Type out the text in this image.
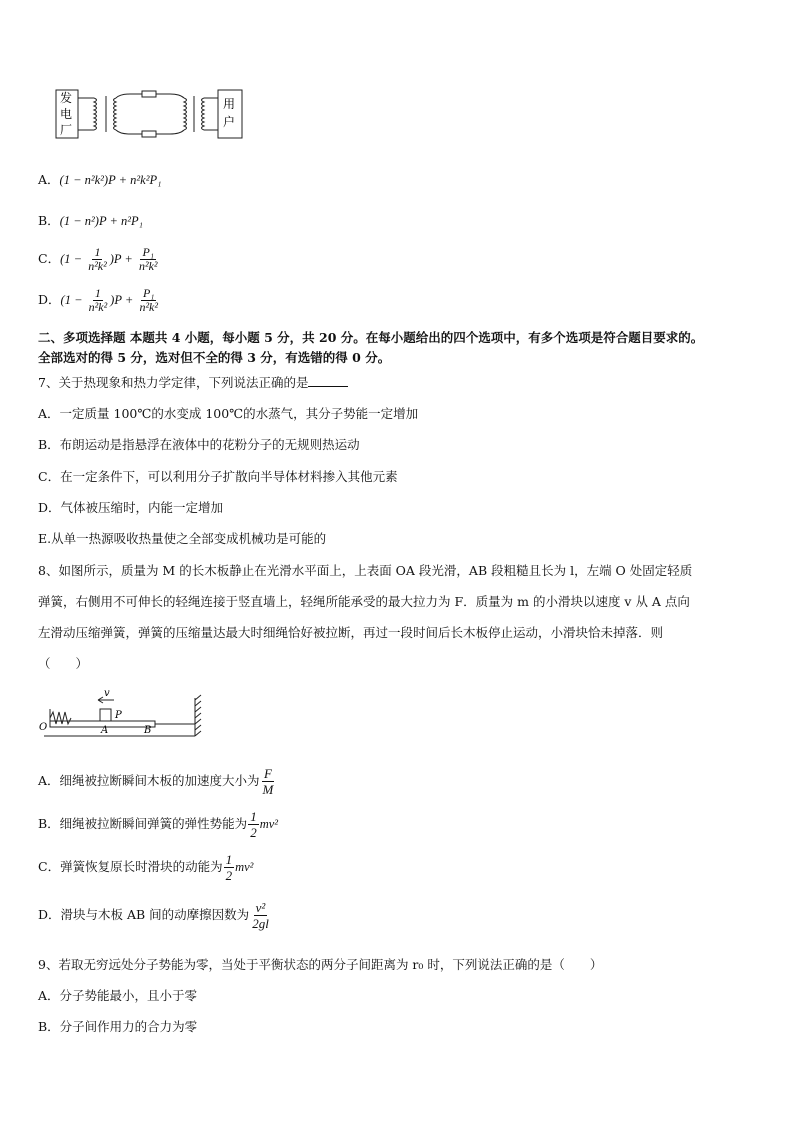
发
电
厂
用
户
A．(1 − n²k²)P + n²k²P₁
B．(1 − n²)P + n²P₁
C．$(1 - \frac{1}{\text{n²k²}} )P + \frac{\text{P₁}}{\text{n²k²}}$
D．$(1 - \frac{1}{\text{n²k²}} )P + \frac{\text{P₁}}{\text{n²k²}}$
二、多项选择题 本题共 4 小题，每小题 5 分，共 20 分。在每小题给出的四个选项中，有多个选项是符合题目要求的。
全部选对的得 5 分，选对但不全的得 3 分，有选错的得 0 分。
7、关于热现象和热力学定律，下列说法正确的是
A．一定质量 100℃的水变成 100℃的水蒸气，其分子势能一定增加
B．布朗运动是指悬浮在液体中的花粉分子的无规则热运动
C．在一定条件下，可以利用分子扩散向半导体材料掺入其他元素
D．气体被压缩时，内能一定增加
E.从单一热源吸收热量使之全部变成机械功是可能的
8、如图所示，质量为 M 的长木板静止在光滑水平面上，上表面 OA 段光滑，AB 段粗糙且长为 l，左端 O 处固定轻质
弹簧，右侧用不可伸长的轻绳连接于竖直墙上，轻绳所能承受的最大拉力为 F．质量为 m 的小滑块以速度 v 从 A 点向
左滑动压缩弹簧，弹簧的压缩量达最大时细绳恰好被拉断，再过一段时间后长木板停止运动，小滑块恰未掉落．则
（　　）
v
P
O	A	B
A．细绳被拉断瞬间木板的加速度大小为 $\frac{F}{M}$
B．细绳被拉断瞬间弹簧的弹性势能为 $\frac{1}{2} mv^2$
C．弹簧恢复原长时滑块的动能为 $\frac{1}{2} mv^2$
D．滑块与木板 AB 间的动摩擦因数为 $\frac{\text{v²}}{2gl}$
9、若取无穷远处分子势能为零，当处于平衡状态的两分子间距离为 r₀ 时，下列说法正确的是（　　）
A．分子势能最小，且小于零
B．分子间作用力的合力为零
